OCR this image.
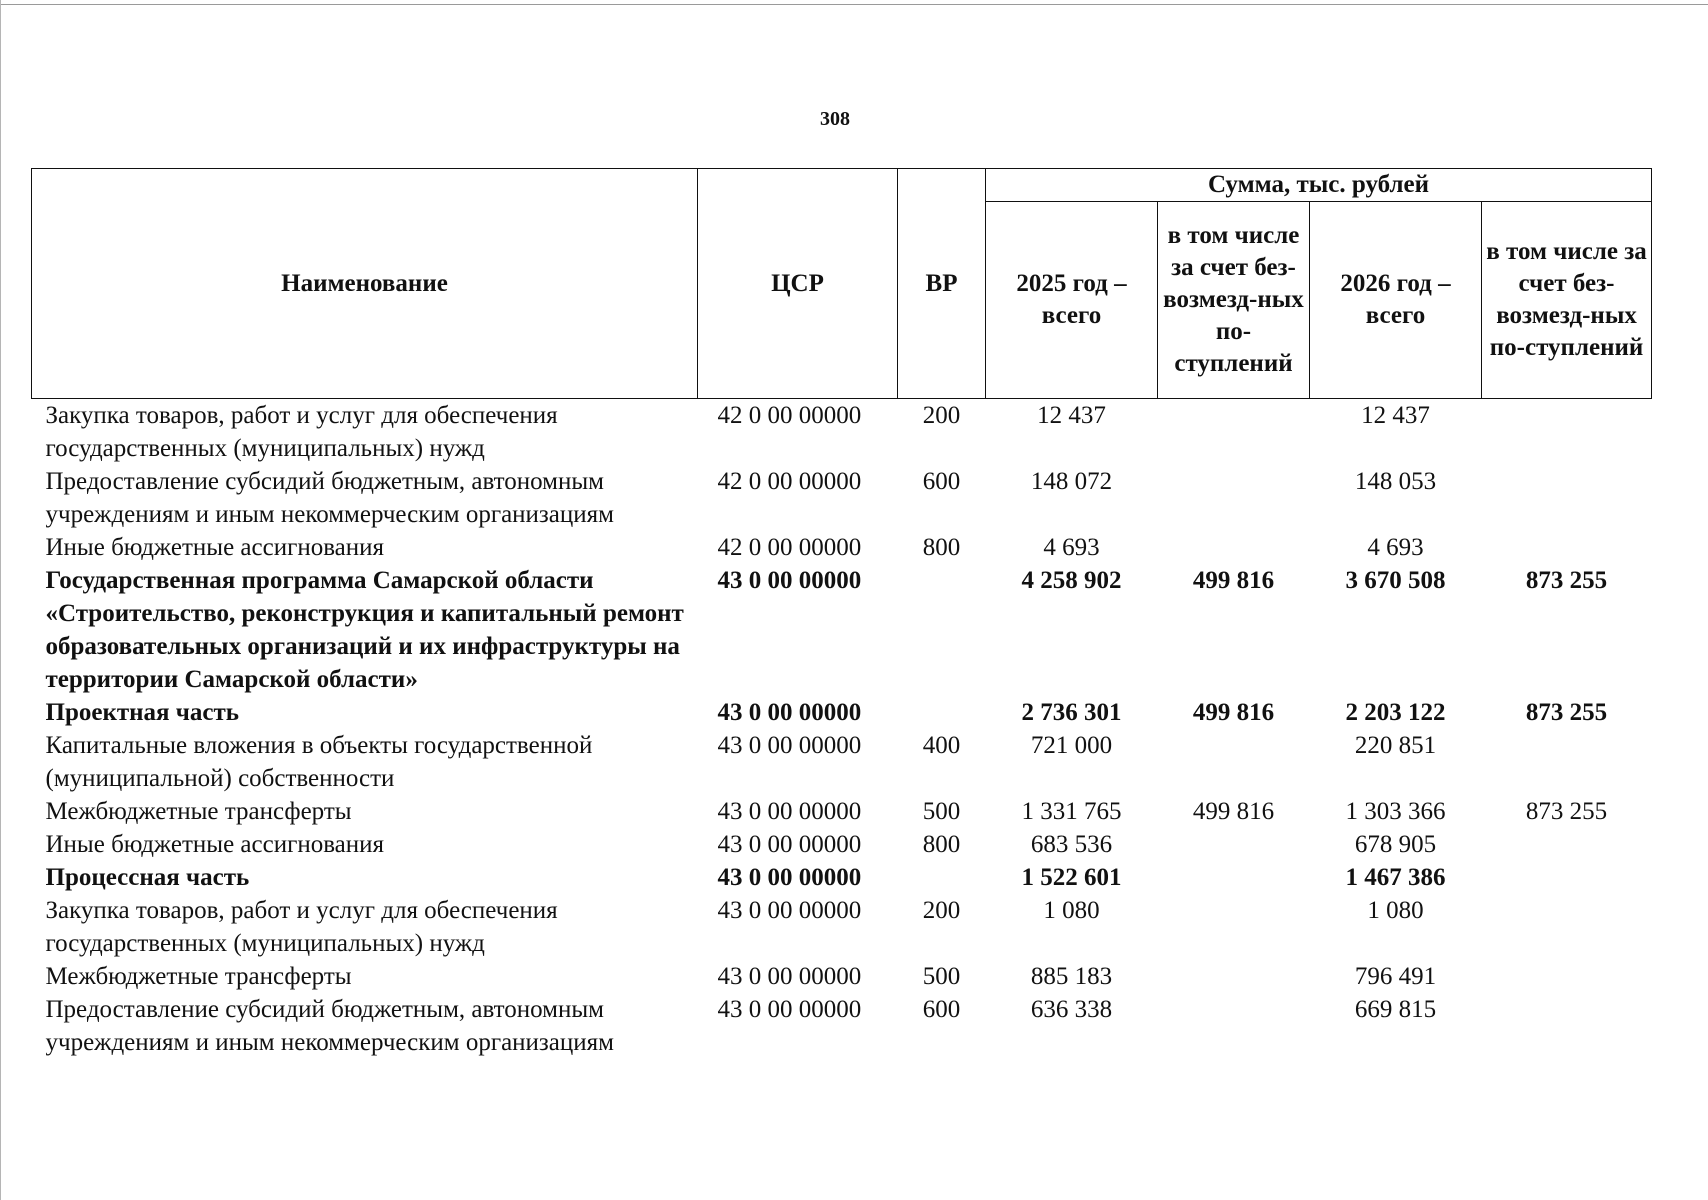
308
Наименование	ЦСР	ВР	Сумма, тыс. рублей			
			2025 год – всего	в том числе за счет без-возмезд-ных по-ступлений	2026 год – всего	в том числе за счет без-возмезд-ных по-ступлений
Закупка товаров, работ и услуг для обеспечения государственных (муниципальных) нужд	42 0 00 00000	200	12 437		12 437	
Предоставление субсидий бюджетным, автономным учреждениям и иным некоммерческим организациям	42 0 00 00000	600	148 072		148 053	
Иные бюджетные ассигнования	42 0 00 00000	800	4 693		4 693	
Государственная программа Самарской области «Строительство, реконструкция и капитальный ремонт образовательных организаций и их инфраструктуры на территории Самарской области»	43 0 00 00000		4 258 902	499 816	3 670 508	873 255
Проектная часть	43 0 00 00000		2 736 301	499 816	2 203 122	873 255
Капитальные вложения в объекты государственной (муниципальной) собственности	43 0 00 00000	400	721 000		220 851	
Межбюджетные трансферты	43 0 00 00000	500	1 331 765	499 816	1 303 366	873 255
Иные бюджетные ассигнования	43 0 00 00000	800	683 536		678 905	
Процессная часть	43 0 00 00000		1 522 601		1 467 386	
Закупка товаров, работ и услуг для обеспечения государственных (муниципальных) нужд	43 0 00 00000	200	1 080		1 080	
Межбюджетные трансферты	43 0 00 00000	500	885 183		796 491	
Предоставление субсидий бюджетным, автономным учреждениям и иным некоммерческим организациям	43 0 00 00000	600	636 338		669 815	
